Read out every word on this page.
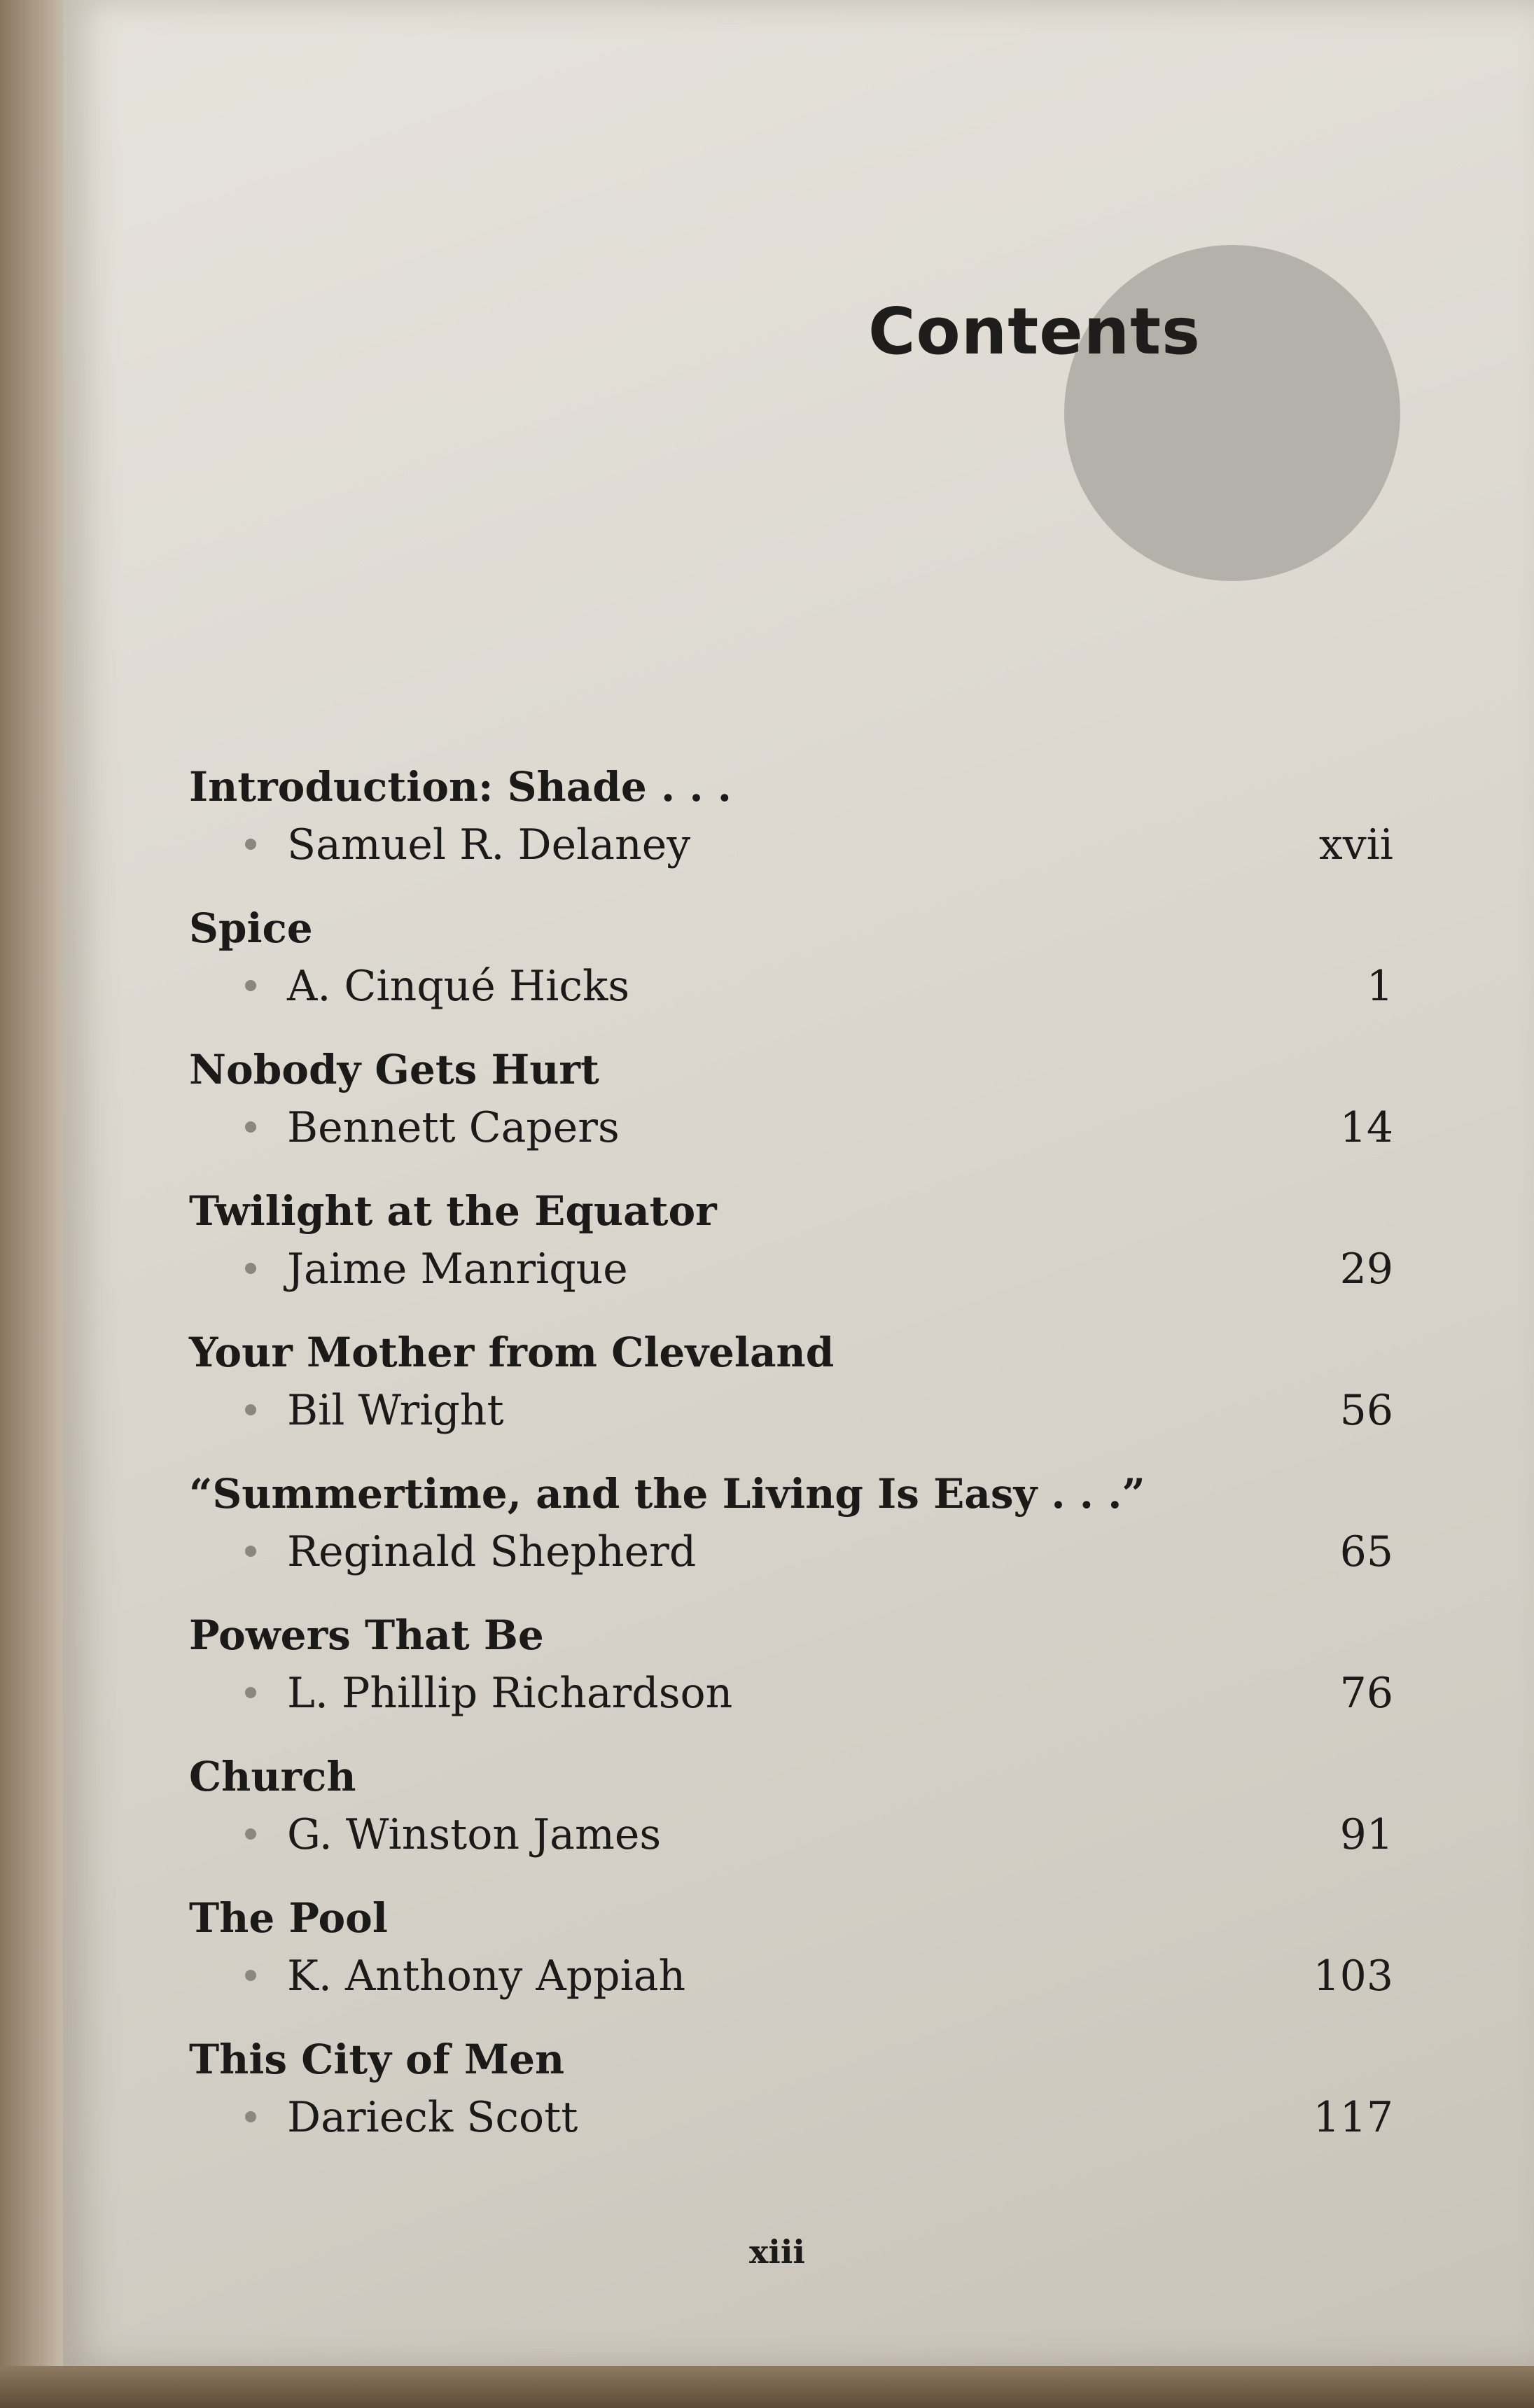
Contents
Introduction: Shade . . .
Samuel R. Delaney	xvii
Spice
A. Cinqué Hicks	1
Nobody Gets Hurt
Bennett Capers	14
Twilight at the Equator
Jaime Manrique	29
Your Mother from Cleveland
Bil Wright	56
“Summertime, and the Living Is Easy . . .”
Reginald Shepherd	65
Powers That Be
L. Phillip Richardson	76
Church
G. Winston James	91
The Pool
K. Anthony Appiah	103
This City of Men
Darieck Scott	117
xiii
